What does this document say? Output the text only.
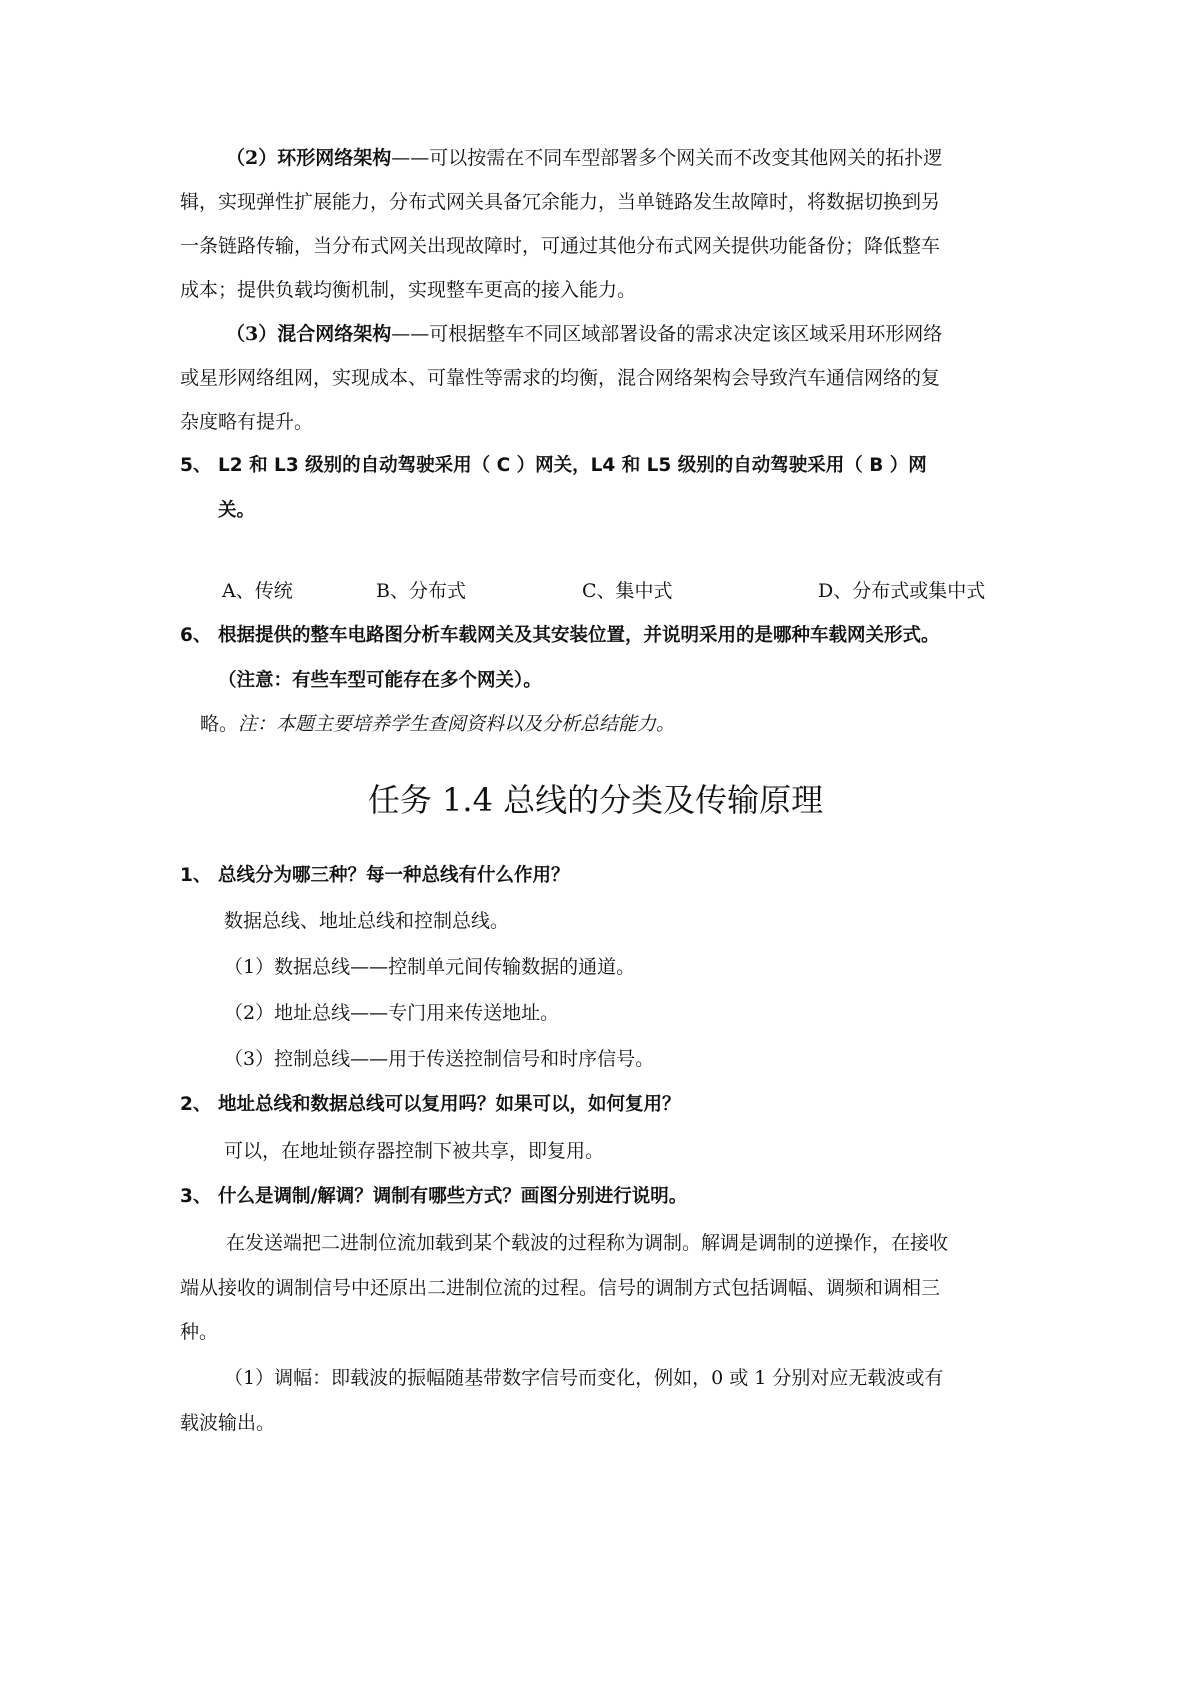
（2）环形网络架构——可以按需在不同车型部署多个网关而不改变其他网关的拓扑逻
辑，实现弹性扩展能力，分布式网关具备冗余能力，当单链路发生故障时，将数据切换到另
一条链路传输，当分布式网关出现故障时，可通过其他分布式网关提供功能备份；降低整车
成本；提供负载均衡机制，实现整车更高的接入能力。
（3）混合网络架构——可根据整车不同区域部署设备的需求决定该区域采用环形网络
或星形网络组网，实现成本、可靠性等需求的均衡，混合网络架构会导致汽车通信网络的复
杂度略有提升。
5、 L2 和 L3 级别的自动驾驶采用（ C ）网关，L4 和 L5 级别的自动驾驶采用（ B ）网
关。
A、传统	B、分布式	C、集中式	D、分布式或集中式
6、 根据提供的整车电路图分析车载网关及其安装位置，并说明采用的是哪种车载网关形式。
（注意：有些车型可能存在多个网关）。
略。注：本题主要培养学生查阅资料以及分析总结能力。
任务 1.4 总线的分类及传输原理
1、 总线分为哪三种？每一种总线有什么作用？
数据总线、地址总线和控制总线。
（1）数据总线——控制单元间传输数据的通道。
（2）地址总线——专门用来传送地址。
（3）控制总线——用于传送控制信号和时序信号。
2、 地址总线和数据总线可以复用吗？如果可以，如何复用？
可以，在地址锁存器控制下被共享，即复用。
3、 什么是调制/解调？调制有哪些方式？画图分别进行说明。
在发送端把二进制位流加载到某个载波的过程称为调制。解调是调制的逆操作，在接收
端从接收的调制信号中还原出二进制位流的过程。信号的调制方式包括调幅、调频和调相三
种。
（1）调幅：即载波的振幅随基带数字信号而变化，例如，0 或 1 分别对应无载波或有
载波输出。
